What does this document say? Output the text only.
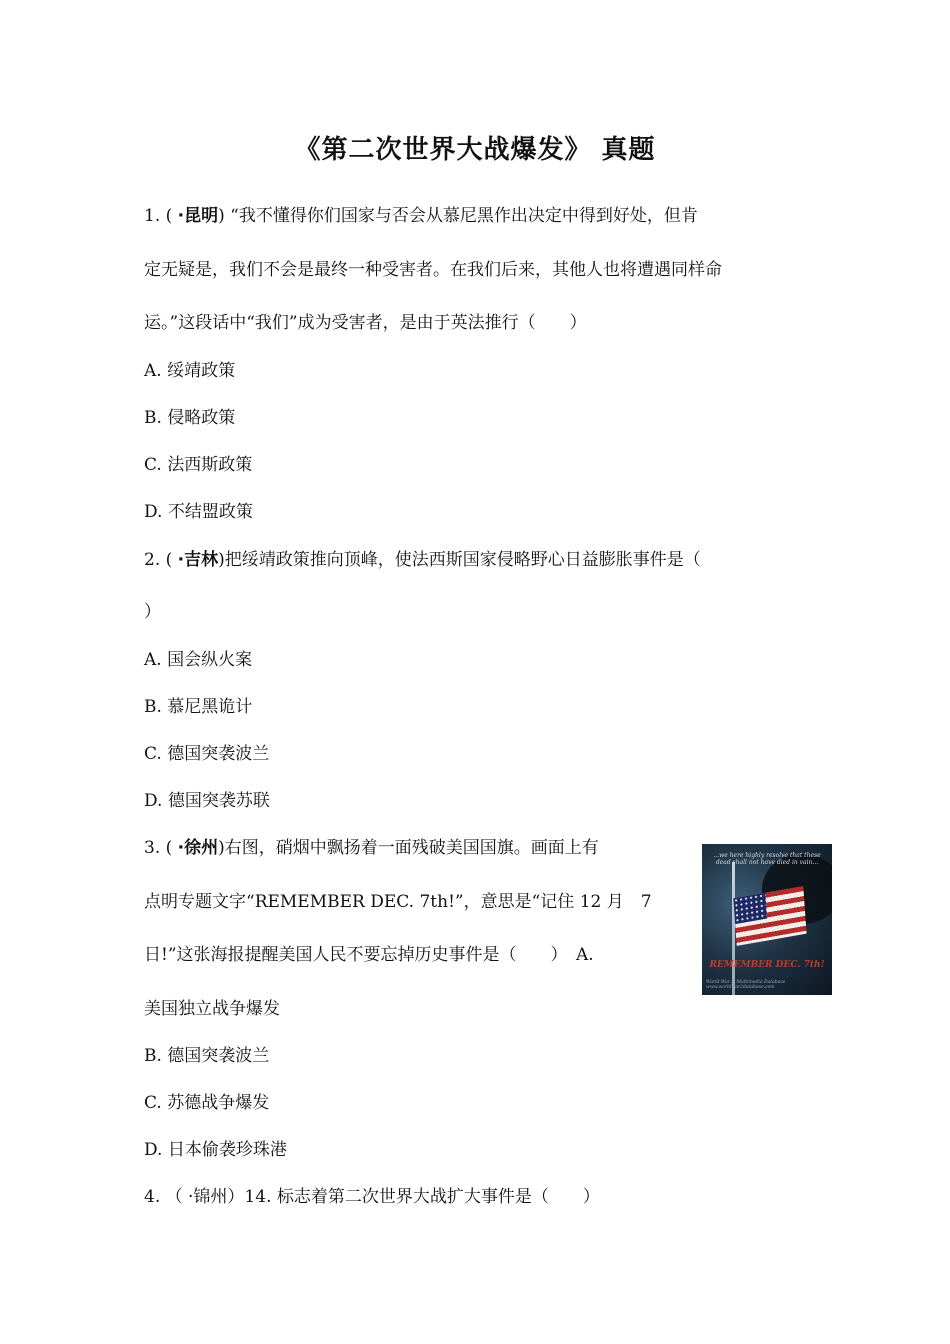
《第二次世界大战爆发》 真题
1. ( ·昆明) “我不懂得你们国家与否会从慕尼黑作出决定中得到好处，但肯
定无疑是，我们不会是最终一种受害者。在我们后来，其他人也将遭遇同样命
运。”这段话中“我们”成为受害者，是由于英法推行（　　）
A. 绥靖政策
B. 侵略政策
C. 法西斯政策
D. 不结盟政策
2. ( ·吉林)把绥靖政策推向顶峰，使法西斯国家侵略野心日益膨胀事件是（
）
A. 国会纵火案
B. 慕尼黑诡计
C. 德国突袭波兰
D. 德国突袭苏联
3. ( ·徐州)右图，硝烟中飘扬着一面残破美国国旗。画面上有
点明专题文字“REMEMBER DEC. 7th!”，意思是“记住 12 月　7
日!”这张海报提醒美国人民不要忘掉历史事件是（　　）　A.
美国独立战争爆发
B. 德国突袭波兰
C. 苏德战争爆发
D. 日本偷袭珍珠港
...we here highly resolve that these dead shall not have died in vain...
REMEMBER DEC. 7th!
World War II Multimedia Database www.worldwar2database.com
4. （ ·锦州）14. 标志着第二次世界大战扩大事件是（　　）
